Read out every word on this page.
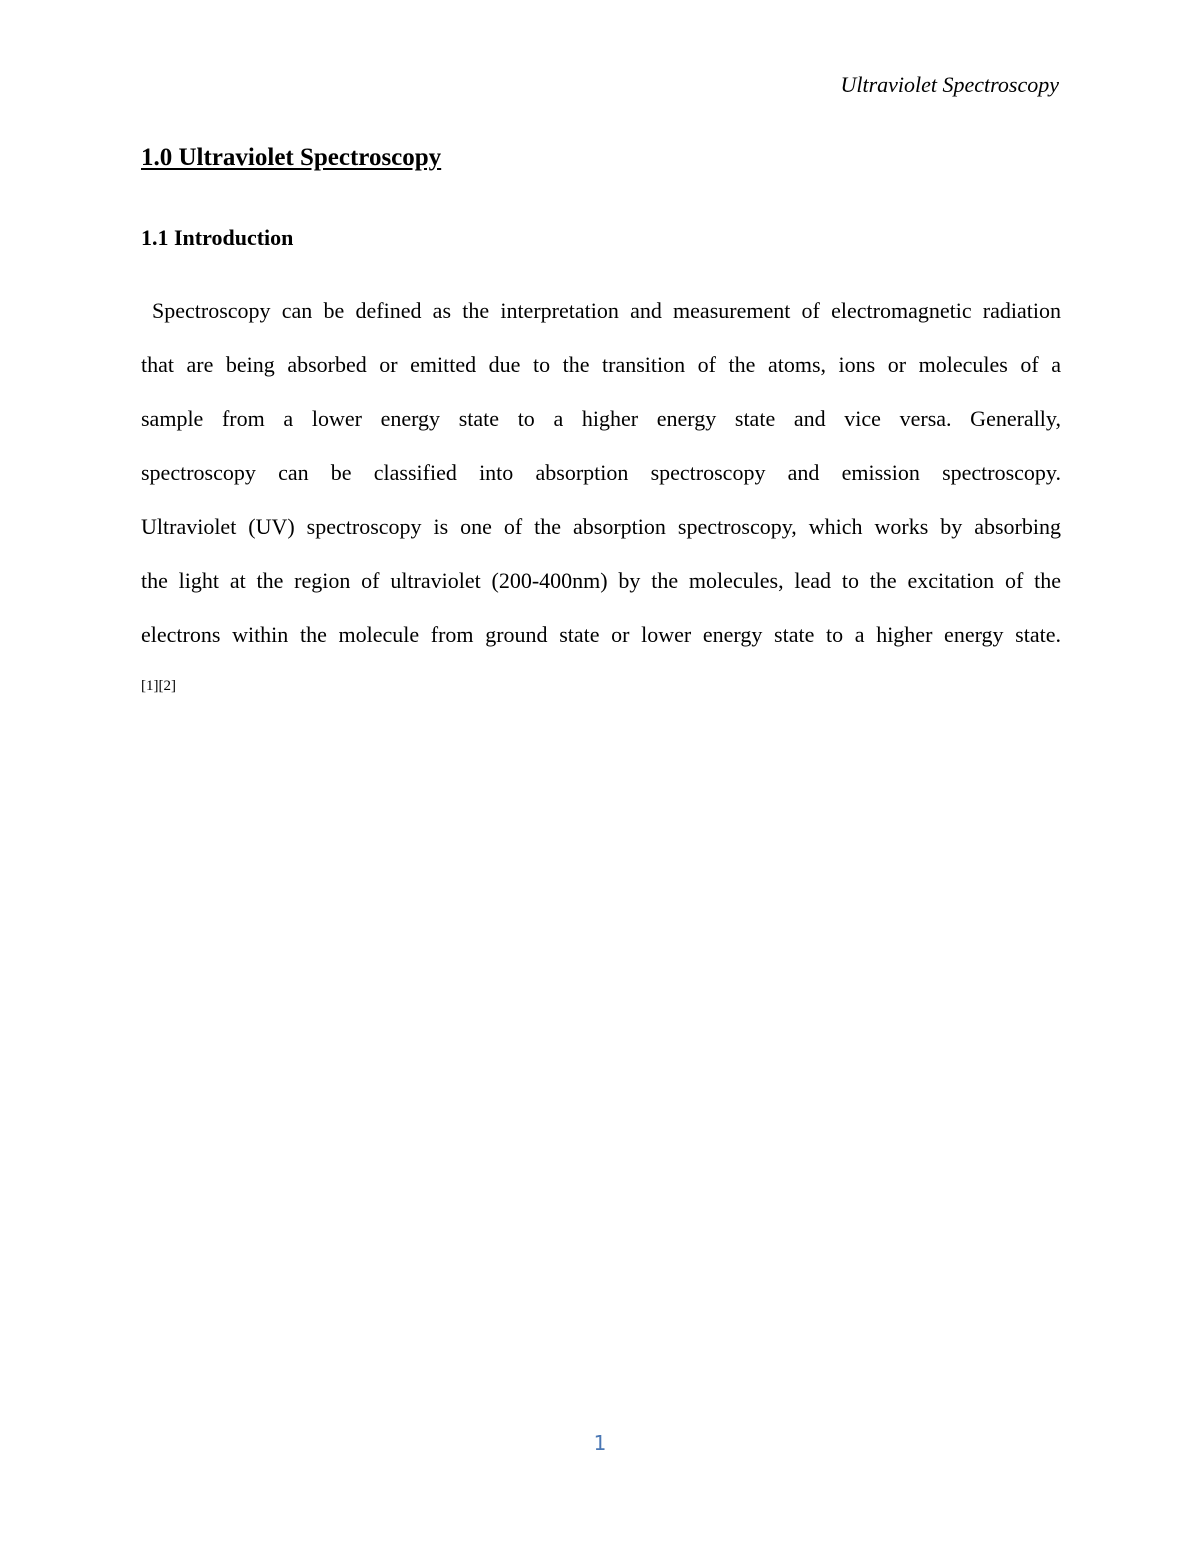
Ultraviolet Spectroscopy
1.0 Ultraviolet Spectroscopy
1.1 Introduction
Spectroscopy can be defined as the interpretation and measurement of electromagnetic radiation
that are being absorbed or emitted due to the transition of the atoms, ions or molecules of a
sample from a lower energy state to a higher energy state and vice versa. Generally,
spectroscopy can be classified into absorption spectroscopy and emission spectroscopy.
Ultraviolet (UV) spectroscopy is one of the absorption spectroscopy, which works by absorbing
the light at the region of ultraviolet (200-400nm) by the molecules, lead to the excitation of the
electrons within the molecule from ground state or lower energy state to a higher energy state.
[1][2]
1
